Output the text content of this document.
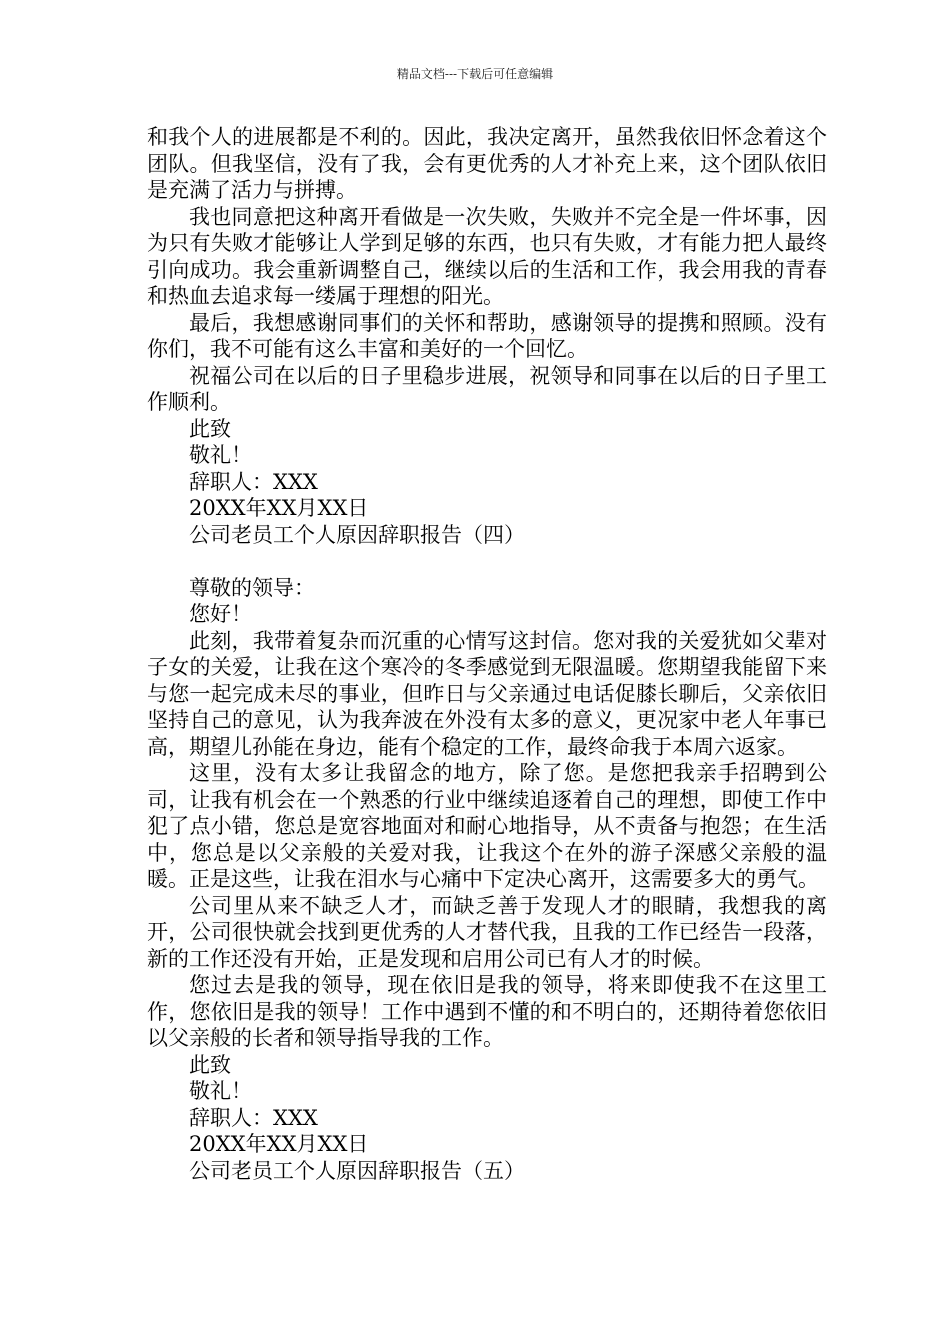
精品文档---下载后可任意编辑

和我个人的进展都是不利的。因此，我决定离开，虽然我依旧怀念着这个团队。但我坚信，没有了我，会有更优秀的人才补充上来，这个团队依旧是充满了活力与拼搏。

我也同意把这种离开看做是一次失败，失败并不完全是一件坏事，因为只有失败才能够让人学到足够的东西，也只有失败，才有能力把人最终引向成功。我会重新调整自己，继续以后的生活和工作，我会用我的青春和热血去追求每一缕属于理想的阳光。

最后，我想感谢同事们的关怀和帮助，感谢领导的提携和照顾。没有你们，我不可能有这么丰富和美好的一个回忆。

祝福公司在以后的日子里稳步进展，祝领导和同事在以后的日子里工作顺利。

此致

敬礼！

辞职人：XXX

20XX年XX月XX日

公司老员工个人原因辞职报告（四）

尊敬的领导：

您好！

此刻，我带着复杂而沉重的心情写这封信。您对我的关爱犹如父辈对子女的关爱，让我在这个寒冷的冬季感觉到无限温暖。您期望我能留下来与您一起完成未尽的事业，但昨日与父亲通过电话促膝长聊后，父亲依旧坚持自己的意见，认为我奔波在外没有太多的意义，更况家中老人年事已高，期望儿孙能在身边，能有个稳定的工作，最终命我于本周六返家。

这里，没有太多让我留念的地方，除了您。是您把我亲手招聘到公司，让我有机会在一个熟悉的行业中继续追逐着自己的理想，即使工作中犯了点小错，您总是宽容地面对和耐心地指导，从不责备与抱怨；在生活中，您总是以父亲般的关爱对我，让我这个在外的游子深感父亲般的温暖。正是这些，让我在泪水与心痛中下定决心离开，这需要多大的勇气。

公司里从来不缺乏人才，而缺乏善于发现人才的眼睛，我想我的离开，公司很快就会找到更优秀的人才替代我，且我的工作已经告一段落，新的工作还没有开始，正是发现和启用公司已有人才的时候。

您过去是我的领导，现在依旧是我的领导，将来即使我不在这里工作，您依旧是我的领导！工作中遇到不懂的和不明白的，还期待着您依旧以父亲般的长者和领导指导我的工作。

此致

敬礼！

辞职人：XXX

20XX年XX月XX日

公司老员工个人原因辞职报告（五）
